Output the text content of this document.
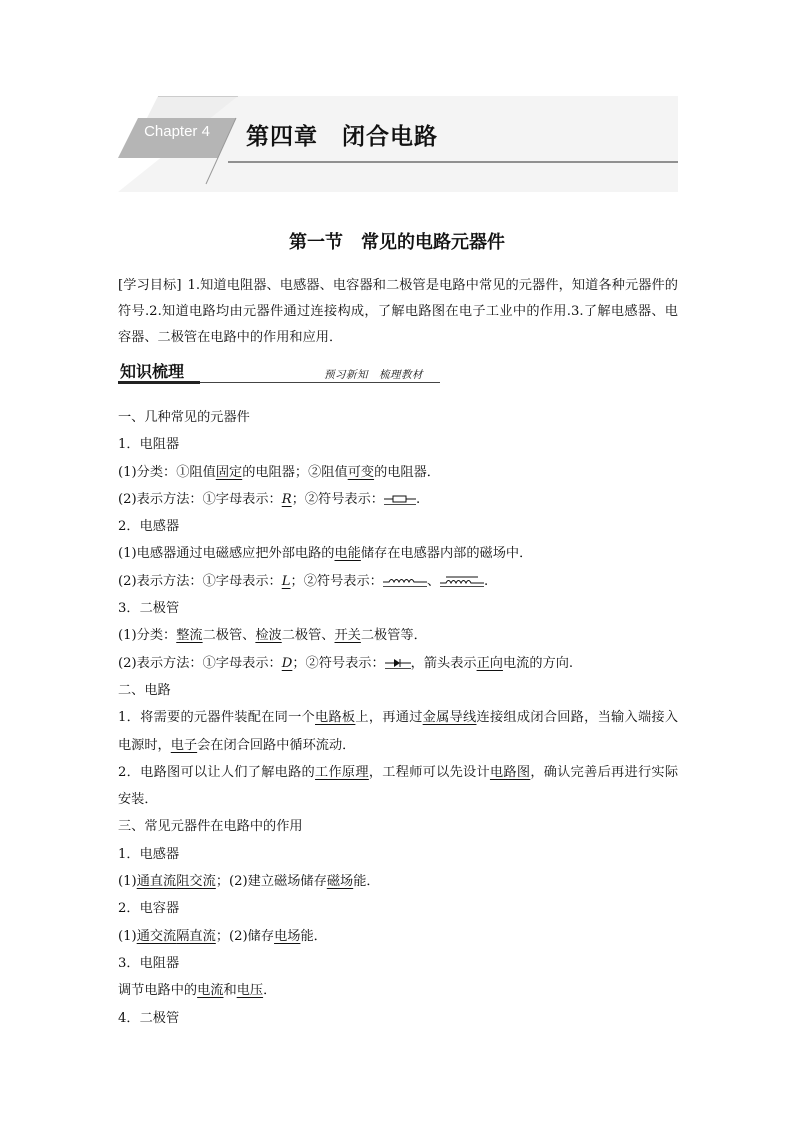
Chapter 4	第四章　闭合电路
第一节　常见的电路元器件
[学习目标] 1.知道电阻器、电感器、电容器和二极管是电路中常见的元器件，知道各种元器件的符号.2.知道电路均由元器件通过连接构成，了解电路图在电子工业中的作用.3.了解电感器、电容器、二极管在电路中的作用和应用．
知识梳理	预习新知　梳理教材
一、几种常见的元器件
1．电阻器
(1)分类：①阻值固定的电阻器；②阻值可变的电阻器．
(2)表示方法：①字母表示：R；②符号表示： .
2．电感器
(1)电感器通过电磁感应把外部电路的电能储存在电感器内部的磁场中．
(2)表示方法：①字母表示：L；②符号表示：	、	.
3．二极管
(1)分类：整流二极管、检波二极管、开关二极管等．
(2)表示方法：①字母表示：D；②符号表示： ，箭头表示正向电流的方向.
二、电路
1．将需要的元器件装配在同一个电路板上，再通过金属导线连接组成闭合回路，当输入端接入电源时，电子会在闭合回路中循环流动．
2．电路图可以让人们了解电路的工作原理，工程师可以先设计电路图，确认完善后再进行实际安装．
三、常见元器件在电路中的作用
1．电感器
(1)通直流阻交流；(2)建立磁场储存磁场能．
2．电容器
(1)通交流隔直流；(2)储存电场能．
3．电阻器
调节电路中的电流和电压．
4．二极管
